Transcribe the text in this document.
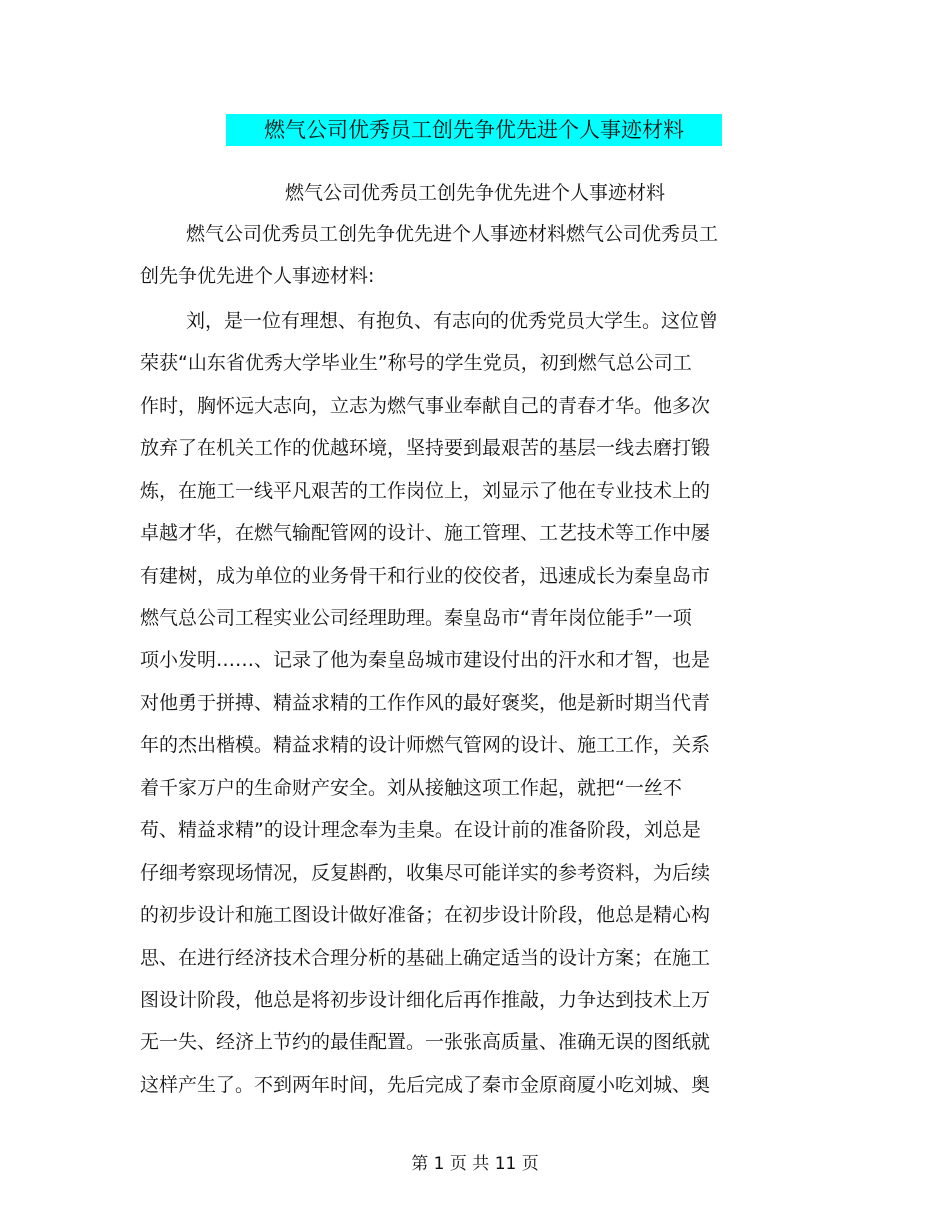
燃气公司优秀员工创先争优先进个人事迹材料
燃气公司优秀员工创先争优先进个人事迹材料
燃气公司优秀员工创先争优先进个人事迹材料燃气公司优秀员工
创先争优先进个人事迹材料:
刘，是一位有理想、有抱负、有志向的优秀党员大学生。这位曾
荣获“山东省优秀大学毕业生”称号的学生党员，初到燃气总公司工
作时，胸怀远大志向，立志为燃气事业奉献自己的青春才华。他多次
放弃了在机关工作的优越环境，坚持要到最艰苦的基层一线去磨打锻
炼，在施工一线平凡艰苦的工作岗位上，刘显示了他在专业技术上的
卓越才华，在燃气输配管网的设计、施工管理、工艺技术等工作中屡
有建树，成为单位的业务骨干和行业的佼佼者，迅速成长为秦皇岛市
燃气总公司工程实业公司经理助理。秦皇岛市“青年岗位能手”一项
项小发明……、记录了他为秦皇岛城市建设付出的汗水和才智，也是
对他勇于拼搏、精益求精的工作作风的最好褒奖，他是新时期当代青
年的杰出楷模。精益求精的设计师燃气管网的设计、施工工作，关系
着千家万户的生命财产安全。刘从接触这项工作起，就把“一丝不
苟、精益求精”的设计理念奉为圭臬。在设计前的准备阶段，刘总是
仔细考察现场情况，反复斟酌，收集尽可能详实的参考资料，为后续
的初步设计和施工图设计做好准备；在初步设计阶段，他总是精心构
思、在进行经济技术合理分析的基础上确定适当的设计方案；在施工
图设计阶段，他总是将初步设计细化后再作推敲，力争达到技术上万
无一失、经济上节约的最佳配置。一张张高质量、准确无误的图纸就
这样产生了。不到两年时间，先后完成了秦市金原商厦小吃刘城、奥
第 1 页 共 11 页
